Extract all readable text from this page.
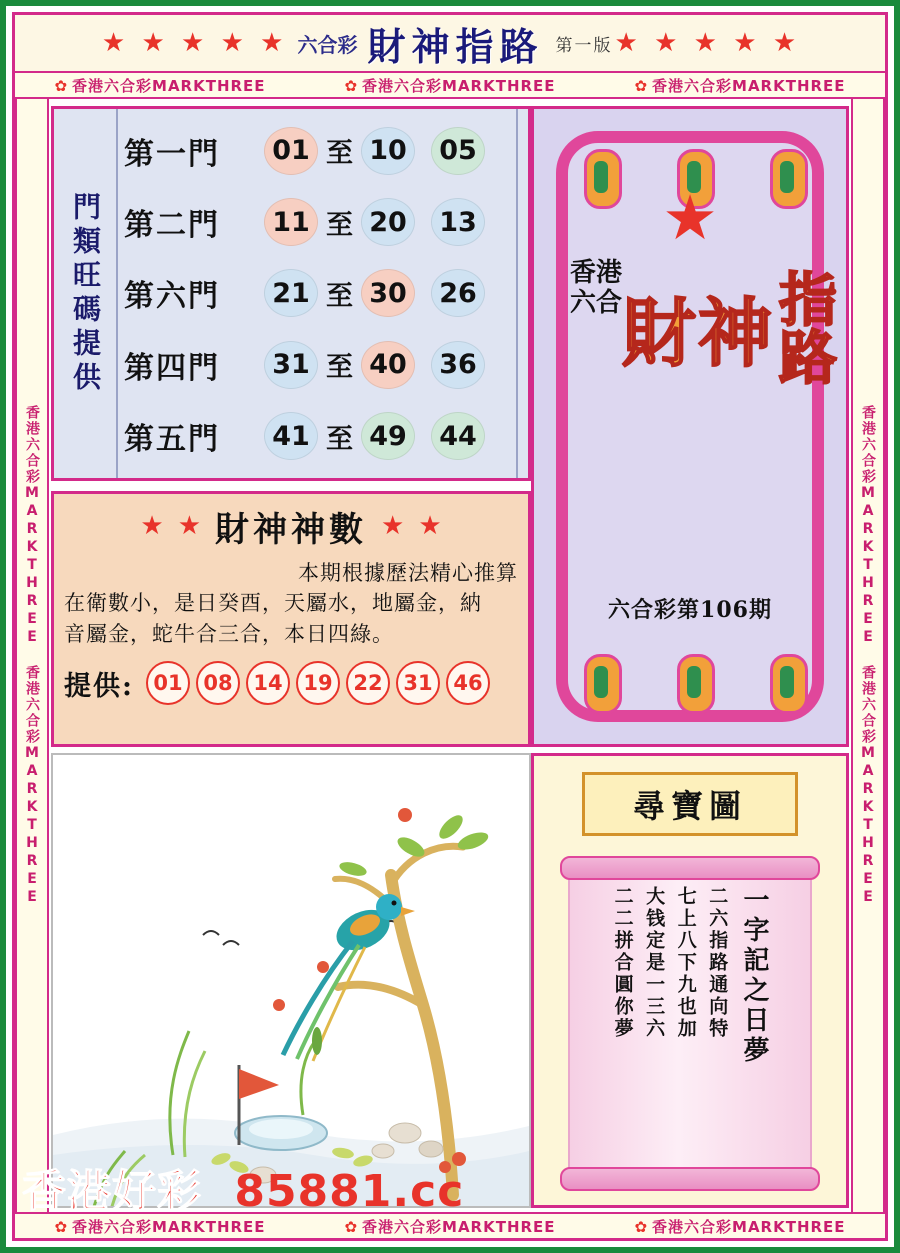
★ ★ ★ ★ ★ 六合彩 財神指路 第一版 ★ ★ ★ ★ ★
✿ 香港六合彩MARKTHREE	✿ 香港六合彩MARKTHREE	✿ 香港六合彩MARKTHREE
香港六合彩MARKTHREE 香港六合彩MARKTHREE	香港六合彩MARKTHREE 香港六合彩MARKTHREE
門類旺碼提供
第一門	01 至 10	05
第二門	11 至 20	13
第六門	21 至 30	26
第四門	31 至 40	36
第五門	41 至 49	44
★ ★ 財神神數 ★ ★
本期根據歷法精心推算
在衛數小，是日癸酉，天屬水，地屬金，納
音屬金，蛇牛合三合，本日四綠。
提供: 01 08 14 19 22 31 46
★
香港六合 財神
指路
六合彩第106期
尋寶圖
一字記之日夢
二六指路通向特
七上八下九也加
大钱定是一三六
二二拼合圓你夢
香港好彩 85881.cc
✿ 香港六合彩MARKTHREE	✿ 香港六合彩MARKTHREE	✿ 香港六合彩MARKTHREE
